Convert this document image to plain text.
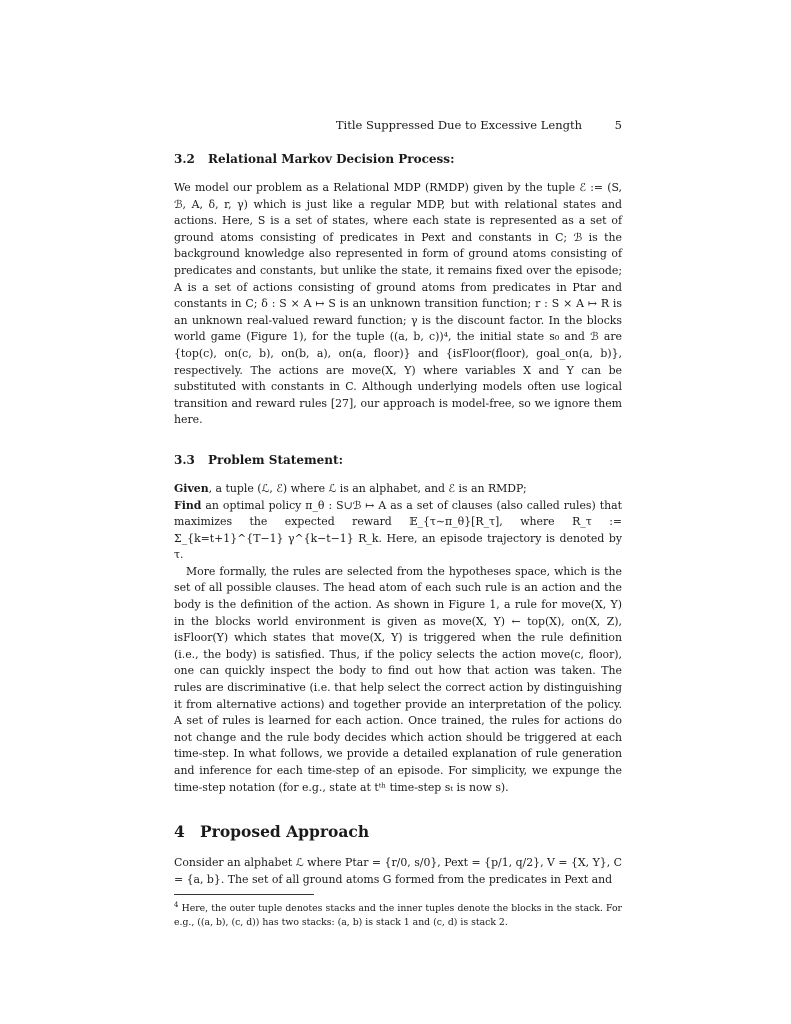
Title Suppressed Due to Excessive Length	5
3.2 Relational Markov Decision Process:

We model our problem as a Relational MDP (RMDP) given by the tuple ℰ := (S, ℬ, A, δ, r, γ) which is just like a regular MDP, but with relational states and actions. Here, S is a set of states, where each state is represented as a set of ground atoms consisting of predicates in Pext and constants in C; ℬ is the background knowledge also represented in form of ground atoms consisting of predicates and constants, but unlike the state, it remains fixed over the episode; A is a set of actions consisting of ground atoms from predicates in Ptar and constants in C; δ : S × A ↦ S is an unknown transition function; r : S × A ↦ R is an unknown real-valued reward function; γ is the discount factor. In the blocks world game (Figure 1), for the tuple ((a, b, c))⁴, the initial state s₀ and ℬ are {top(c), on(c, b), on(b, a), on(a, floor)} and {isFloor(floor), goal_on(a, b)}, respectively. The actions are move(X, Y) where variables X and Y can be substituted with constants in C. Although underlying models often use logical transition and reward rules [27], our approach is model-free, so we ignore them here.

3.3 Problem Statement:

Given, a tuple (ℒ, ℰ) where ℒ is an alphabet, and ℰ is an RMDP;

Find an optimal policy π_θ : S∪ℬ ↦ A as a set of clauses (also called rules) that maximizes the expected reward 𝔼_{τ∼π_θ}[R_τ], where R_τ := Σ_{k=t+1}^{T−1} γ^{k−t−1} R_k. Here, an episode trajectory is denoted by τ.

More formally, the rules are selected from the hypotheses space, which is the set of all possible clauses. The head atom of each such rule is an action and the body is the definition of the action. As shown in Figure 1, a rule for move(X, Y) in the blocks world environment is given as move(X, Y) ← top(X), on(X, Z), isFloor(Y) which states that move(X, Y) is triggered when the rule definition (i.e., the body) is satisfied. Thus, if the policy selects the action move(c, floor), one can quickly inspect the body to find out how that action was taken. The rules are discriminative (i.e. that help select the correct action by distinguishing it from alternative actions) and together provide an interpretation of the policy. A set of rules is learned for each action. Once trained, the rules for actions do not change and the rule body decides which action should be triggered at each time-step. In what follows, we provide a detailed explanation of rule generation and inference for each time-step of an episode. For simplicity, we expunge the time-step notation (for e.g., state at tᵗʰ time-step sₜ is now s).

4 Proposed Approach

Consider an alphabet ℒ where Ptar = {r/0, s/0}, Pext = {p/1, q/2}, V = {X, Y}, C = {a, b}. The set of all ground atoms G formed from the predicates in Pext and

$^4$ Here, the outer tuple denotes stacks and the inner tuples denote the blocks in the stack. For e.g., ((a, b), (c, d)) has two stacks: (a, b) is stack 1 and (c, d) is stack 2.
